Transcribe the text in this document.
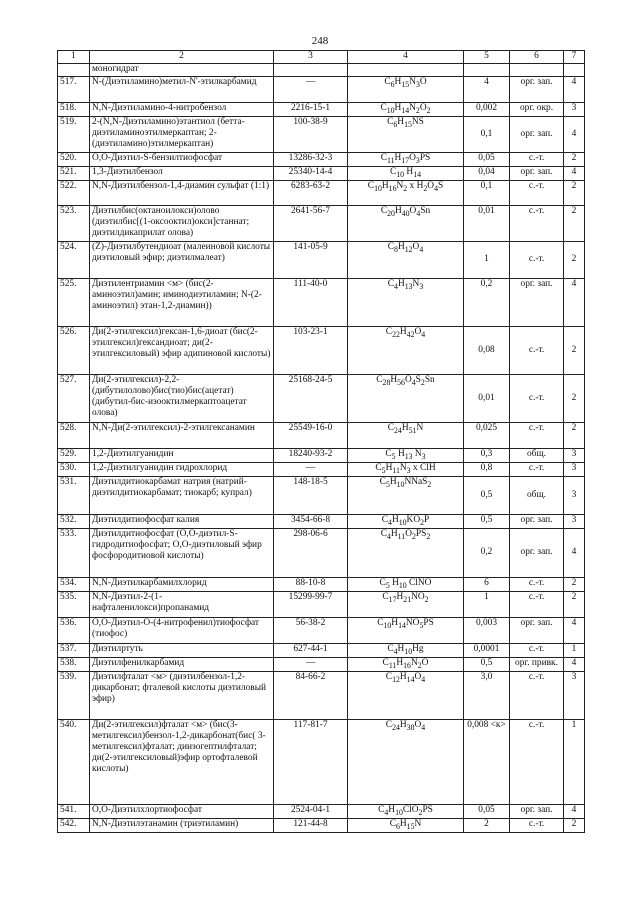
248
1	2	3	4	5	6	7
	моногидрат					
517.	N-(Диэтиламино)метил-N'-этилкарбамид	—	$C_6H_{15}N_3O$	4	орг. зап.	4
518.	N,N-Диэтиламино-4-нитробензол	2216-15-1	$C_{10}H_{14}N_2O_2$	0,002	орг. окр.	3
519.	2-(N,N-Диэтиламино)этантиол (бетта-диэтиламиноэтилмеркаптан; 2-(диэтиламино)этилмеркаптан)	100-38-9	$C_6H_{15}NS$	0,1	орг. зап.	4
520.	O,O-Диэтил-S-бензилтиофосфат	13286-32-3	$C_{11}H_{17}O_3PS$	0,05	с.-т.	2
521.	1,3-Диэтилбензол	25340-14-4	$C_{10}$ $H_{14}$	0,04	орг. зап.	4
522.	N,N-Диэтилбензол-1,4-диамин сульфат (1:1)	6283-63-2	$C_{10}H_{16}N_2$ x $H_2O_4S$	0,1	с.-т.	2
523.	Диэтилбис(октаноилокси)олово (диэтилбис[(1-оксооктил)окси]станнат; диэтилдикаприлат олова)	2641-56-7	$C_{20}H_{40}O_4Sn$	0,01	с.-т.	2
524.	(Z)-Диэтилбутендиоат (малеиновой кислоты диэтиловый эфир; диэтилмалеат)	141-05-9	$C_8H_{12}O_4$	1	с.-т.	2
525.	Диэтилентриамин <м> (бис(2-аминоэтил)амин; иминодиэтиламин; N-(2-аминоэтил) этан-1,2-диамин))	111-40-0	$C_4H_{13}N_3$	0,2	орг. зап.	4
526.	Ди(2-этилгексил)гексан-1,6-диоат (бис(2-этилгексил)гександиоат; ди(2-этилгексиловый) эфир адипиновой кислоты)	103-23-1	$C_{22}H_{42}O_4$	0,08	с.-т.	2
527.	Ди(2-этилгексил)-2,2-(дибутилолово)бис(тио)бис(ацетат) (дибутил-бис-изооктилмеркаптоацетат олова)	25168-24-5	$C_{28}H_{56}O_4S_2Sn$	0,01	с.-т.	2
528.	N,N-Ди(2-этилгексил)-2-этилгексанамин	25549-16-0	$C_{24}H_{51}N$	0,025	с.-т.	2
529.	1,2-Диэтилгуанидин	18240-93-2	$C_5$ $H_{13}$ $N_3$	0,3	общ.	3
530.	1,2-Диэтилгуанидин гидрохлорид	—	$C_5H_{11}N_3$ x ClH	0,8	с.-т.	3
531.	Диэтилдитиокарбамат натрия (натрий-диэтилдитиокарбамат; тиокарб; купрал)	148-18-5	$C_5H_{10}NNaS_2$	0,5	общ.	3
532.	Диэтилдитиофосфат калия	3454-66-8	$C_4H_{10}KO_2P$	0,5	орг. зап.	3
533.	Диэтилдитиофосфат (O,O-диэтил-S-гидродитиофосфат; O,O-диэтиловый эфир фосфородитиовой кислоты)	298-06-6	$C_4H_{11}O_2PS_2$	0,2	орг. зап.	4
534.	N,N-Диэтилкарбамилхлорид	88-10-8	$C_5$ $H_{10}$ ClNO	6	с.-т.	2
535.	N,N-Диэтил-2-(1-нафталенилокси)пропанамид	15299-99-7	$C_{17}H_{21}NO_2$	1	с.-т.	2
536.	O,O-Диэтил-O-(4-нитрофенил)тиофосфат (тиофос)	56-38-2	$C_{10}H_{14}NO_5PS$	0,003	орг. зап.	4
537.	Диэтилртуть	627-44-1	$C_4H_{10}Hg$	0,0001	с.-т.	1
538.	Диэтилфенилкарбамид	—	$C_{11}H_{16}N_2O$	0,5	орг. привк.	4
539.	Диэтилфталат <м> (диэтилбензол-1,2-дикарбонат; фталевой кислоты диэтиловый эфир)	84-66-2	$C_{12}H_{14}O_4$	3,0	с.-т.	3
540.	Ди(2-этилгексил)фталат <м> (бис(3-метилгексил)бензол-1,2-дикарбонат(бис( 3-метилгексил)фталат; диизогептилфталат; ди(2-этилгексиловый)эфир ортофталевой кислоты)	117-81-7	$C_{24}H_{38}O_4$	0,008 <к>	с.-т.	1
541.	O,O-Диэтилхлортиофосфат	2524-04-1	$C_4H_{10}ClO_2PS$	0,05	орг. зап.	4
542.	N,N-Диэтилэтанамин (триэтиламин)	121-44-8	$C_6H_{15}N$	2	с.-т.	2
